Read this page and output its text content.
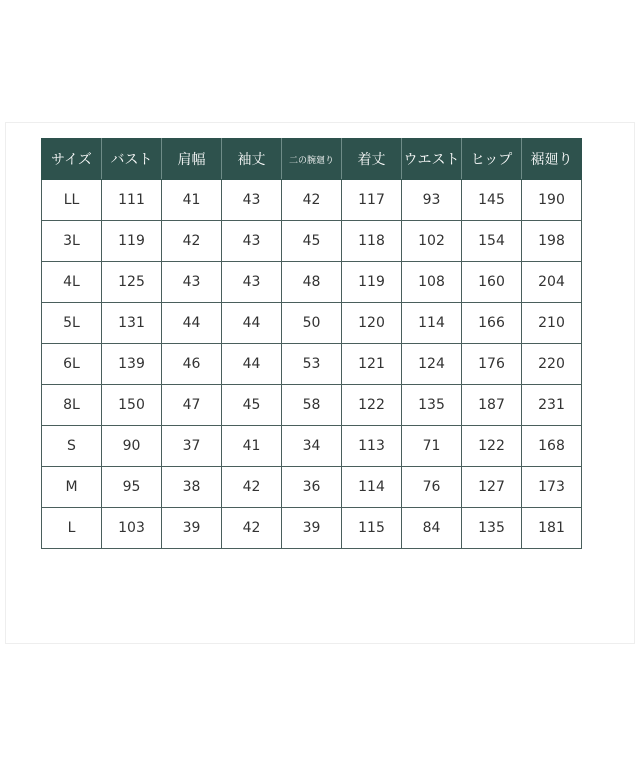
サイズ	バスト	肩幅	袖丈	二の腕廻り	着丈	ウエスト	ヒップ	裾廻り
LL	111	41	43	42	117	93	145	190
3L	119	42	43	45	118	102	154	198
4L	125	43	43	48	119	108	160	204
5L	131	44	44	50	120	114	166	210
6L	139	46	44	53	121	124	176	220
8L	150	47	45	58	122	135	187	231
S	90	37	41	34	113	71	122	168
M	95	38	42	36	114	76	127	173
L	103	39	42	39	115	84	135	181
